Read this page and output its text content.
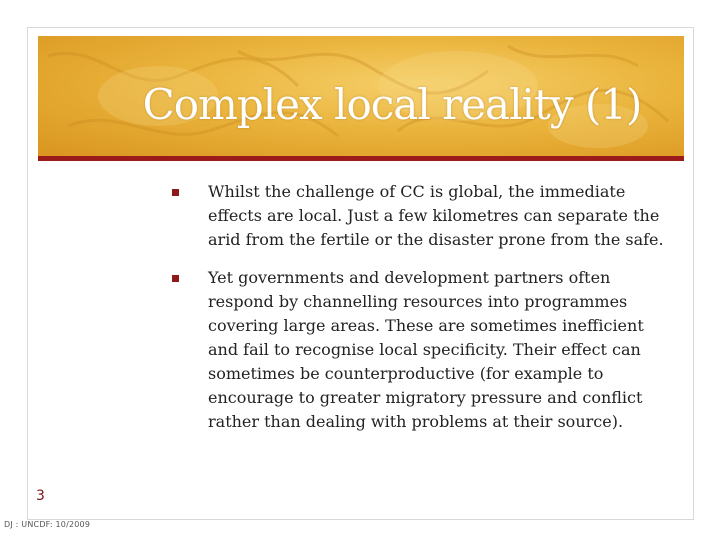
Complex local reality (1)
Whilst the challenge of CC is global, the immediate effects are local. Just a few kilometres can separate the arid from the fertile or the disaster prone from the safe.
Yet governments and development partners often respond by channelling resources into programmes covering large areas. These are sometimes inefficient and fail to recognise local specificity. Their effect can sometimes be counterproductive (for example to encourage to greater migratory pressure and conflict rather than dealing with problems at their source).
3
DJ : UNCDF: 10/2009
